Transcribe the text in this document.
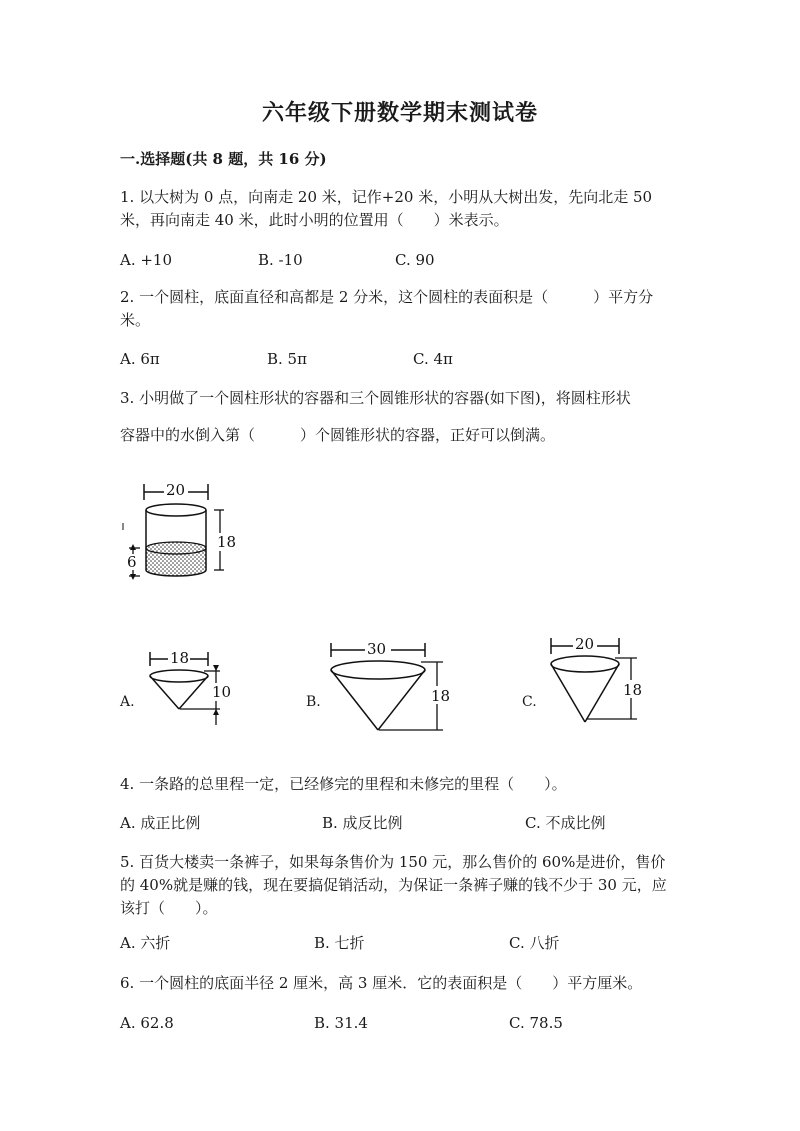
六年级下册数学期末测试卷
一.选择题(共 8 题，共 16 分)
1. 以大树为 0 点，向南走 20 米，记作+20 米，小明从大树出发，先向北走 50 米，再向南走 40 米，此时小明的位置用（　　）米表示。
A. +10	B. -10	C. 90
2. 一个圆柱，底面直径和高都是 2 分米，这个圆柱的表面积是（　　　）平方分米。
A. 6π	B. 5π	C. 4π
3. 小明做了一个圆柱形状的容器和三个圆锥形状的容器(如下图)，将圆柱形状
容器中的水倒入第（　　　）个圆锥形状的容器，正好可以倒满。
20
18
6
A.
18
10
B.
30
18	C.
20
18
4. 一条路的总里程一定，已经修完的里程和未修完的里程（　　）。
A. 成正比例	B. 成反比例	C. 不成比例
5. 百货大楼卖一条裤子，如果每条售价为 150 元，那么售价的 60%是进价，售价的 40%就是赚的钱，现在要搞促销活动，为保证一条裤子赚的钱不少于 30 元，应该打（　　）。
A. 六折	B. 七折	C. 八折
6. 一个圆柱的底面半径 2 厘米，高 3 厘米．它的表面积是（　　）平方厘米。
A. 62.8	B. 31.4	C. 78.5
